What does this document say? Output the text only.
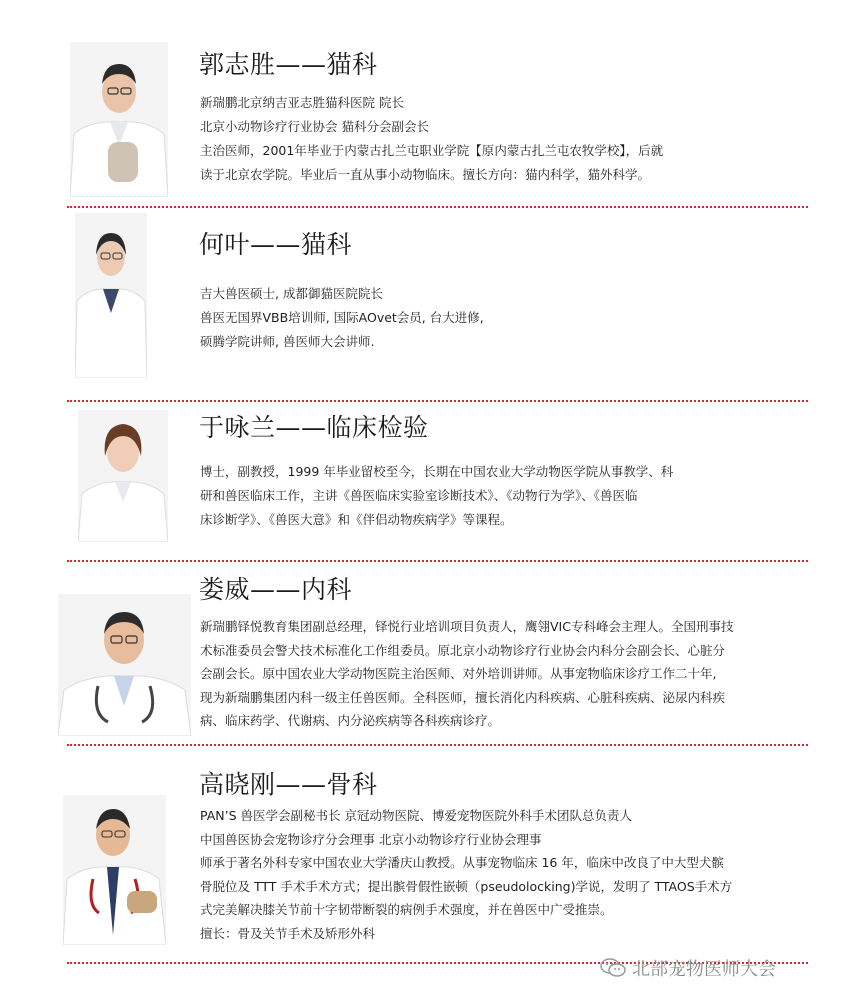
郭志胜——猫科
新瑞鹏北京纳吉亚志胜猫科医院 院长
北京小动物诊疗行业协会 猫科分会副会长
主治医师，2001年毕业于内蒙古扎兰屯职业学院【原内蒙古扎兰屯农牧学校】，后就
读于北京农学院。毕业后一直从事小动物临床。擅长方向：猫内科学，猫外科学。
何叶——猫科
吉大兽医硕士, 成都御猫医院院长
兽医无国界VBB培训师, 国际AOvet会员, 台大进修,
硕腾学院讲师, 兽医师大会讲师.
于咏兰——临床检验
博士，副教授，1999 年毕业留校至今，长期在中国农业大学动物医学院从事教学、科
研和兽医临床工作，主讲《兽医临床实验室诊断技术》、《动物行为学》、《兽医临
床诊断学》、《兽医大意》和《伴侣动物疾病学》等课程。
娄威——内科
新瑞鹏铎悦教育集团副总经理，铎悦行业培训项目负责人，鹰翎VIC专科峰会主理人。全国刑事技
术标准委员会警犬技术标准化工作组委员。原北京小动物诊疗行业协会内科分会副会长、心脏分
会副会长。原中国农业大学动物医院主治医师、对外培训讲师。从事宠物临床诊疗工作二十年,
现为新瑞鹏集团内科一级主任兽医师。全科医师，擅长消化内科疾病、心脏科疾病、泌尿内科疾
病、临床药学、代谢病、内分泌疾病等各科疾病诊疗。
高晓刚——骨科
PAN’S 兽医学会副秘书长 京冠动物医院、博爱宠物医院外科手术团队总负责人
中国兽医协会宠物诊疗分会理事 北京小动物诊疗行业协会理事
师承于著名外科专家中国农业大学潘庆山教授。从事宠物临床 16 年，临床中改良了中大型犬髌
骨脱位及 TTT 手术手术方式；提出髌骨假性嵌顿（pseudolocking)学说，发明了 TTAOS手术方
式完美解决膝关节前十字韧带断裂的病例手术强度，并在兽医中广受推崇。
擅长：骨及关节手术及矫形外科
北部宠物医师大会
